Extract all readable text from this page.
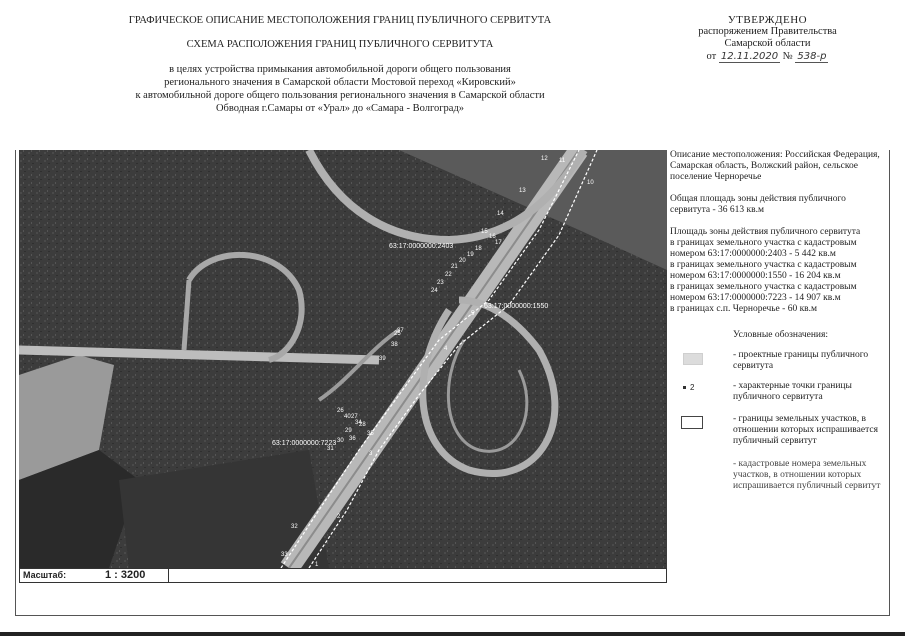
ГРАФИЧЕСКОЕ ОПИСАНИЕ МЕСТОПОЛОЖЕНИЯ ГРАНИЦ ПУБЛИЧНОГО СЕРВИТУТА
СХЕМА РАСПОЛОЖЕНИЯ ГРАНИЦ ПУБЛИЧНОГО СЕРВИТУТА
в целях устройства примыкания автомобильной дороги общего пользования
регионального значения в Самарской области Мостовой переход «Кировский»
к автомобильной дороге общего пользования регионального значения в Самарской области
Обводная г.Самары от «Урал» до «Самара - Волгоград»
УТВЕРЖДЕНО
распоряжением Правительства
Самарской области
от 12.11.2020 № 538-р
63:17:0000000:2403
63:17:0000000:1550
63:17:0000000:7223
1
2
3
4
5
10
11
12
13
14
15
16
17
18
19
20
21
22
23
24
25
26
27
28
29
30
31
32
33
34
35
36
37
38
39
40

Описание местоположения: Российская Федерация, Самарская область, Волжский район, сельское поселение Черноречье

Общая площадь зоны действия публичного сервитута - 36 613 кв.м

Площадь зоны действия публичного сервитута

в границах земельного участка с кадастровым номером 63:17:0000000:2403 - 5 442 кв.м

в границах земельного участка с кадастровым номером 63:17:0000000:1550 - 16 204 кв.м

в границах земельного участка с кадастровым номером 63:17:0000000:7223 - 14 907 кв.м

в границах с.п. Черноречье - 60 кв.м

Условные обозначения:
- проектные границы публичного сервитута
2	- характерные точки границы публичного сервитута
- границы земельных участков, в отношении которых испрашивается публичный сервитут
- кадастровые номера земельных участков, в отношении которых испрашивается публичный сервитут
Масштаб:	1 : 3200
